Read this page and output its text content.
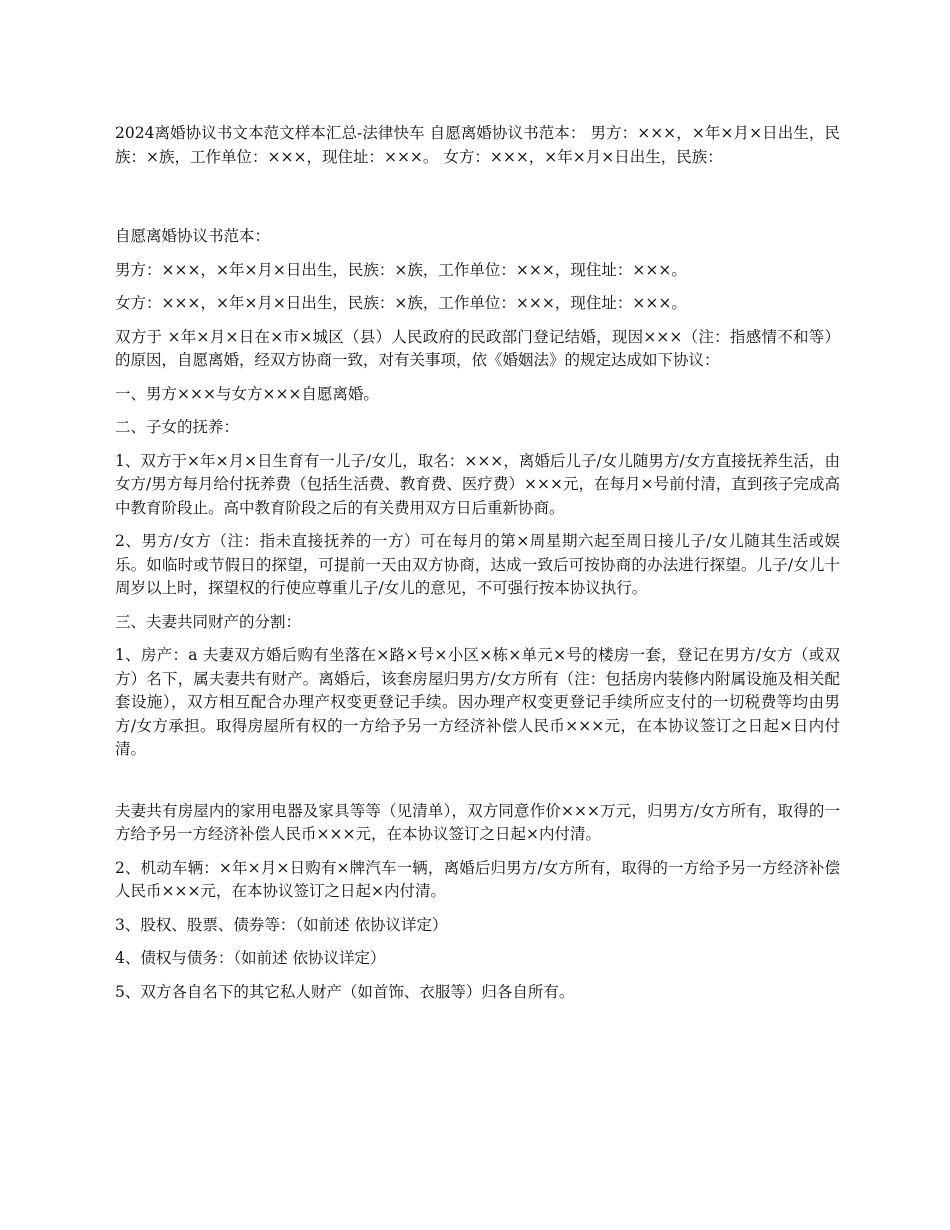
2024离婚协议书文本范文样本汇总-法律快车 自愿离婚协议书范本： 男方：×××，×年×月×日出生，民族：×族，工作单位：×××，现住址：×××。 女方：×××，×年×月×日出生，民族：

自愿离婚协议书范本：

男方：×××，×年×月×日出生，民族：×族，工作单位：×××，现住址：×××。

女方：×××，×年×月×日出生，民族：×族，工作单位：×××，现住址：×××。

双方于 ×年×月×日在×市×城区（县）人民政府的民政部门登记结婚，现因×××（注：指感情不和等）的原因，自愿离婚，经双方协商一致，对有关事项，依《婚姻法》的规定达成如下协议：

一、男方×××与女方×××自愿离婚。

二、子女的抚养：

1、双方于×年×月×日生育有一儿子/女儿，取名：×××，离婚后儿子/女儿随男方/女方直接抚养生活，由女方/男方每月给付抚养费（包括生活费、教育费、医疗费）×××元，在每月×号前付清，直到孩子完成高中教育阶段止。高中教育阶段之后的有关费用双方日后重新协商。

2、男方/女方（注：指未直接抚养的一方）可在每月的第×周星期六起至周日接儿子/女儿随其生活或娱乐。如临时或节假日的探望，可提前一天由双方协商，达成一致后可按协商的办法进行探望。儿子/女儿十周岁以上时，探望权的行使应尊重儿子/女儿的意见，不可强行按本协议执行。

三、夫妻共同财产的分割：

1、房产：a 夫妻双方婚后购有坐落在×路×号×小区×栋×单元×号的楼房一套，登记在男方/女方（或双方）名下，属夫妻共有财产。离婚后，该套房屋归男方/女方所有（注：包括房内装修内附属设施及相关配套设施），双方相互配合办理产权变更登记手续。因办理产权变更登记手续所应支付的一切税费等均由男方/女方承担。取得房屋所有权的一方给予另一方经济补偿人民币×××元，在本协议签订之日起×日内付清。

夫妻共有房屋内的家用电器及家具等等（见清单），双方同意作价×××万元，归男方/女方所有，取得的一方给予另一方经济补偿人民币×××元，在本协议签订之日起×内付清。

2、机动车辆：×年×月×日购有×牌汽车一辆，离婚后归男方/女方所有，取得的一方给予另一方经济补偿人民币×××元，在本协议签订之日起×内付清。

3、股权、股票、债券等：（如前述 依协议详定）

4、债权与债务：（如前述 依协议详定）

5、双方各自名下的其它私人财产（如首饰、衣服等）归各自所有。
